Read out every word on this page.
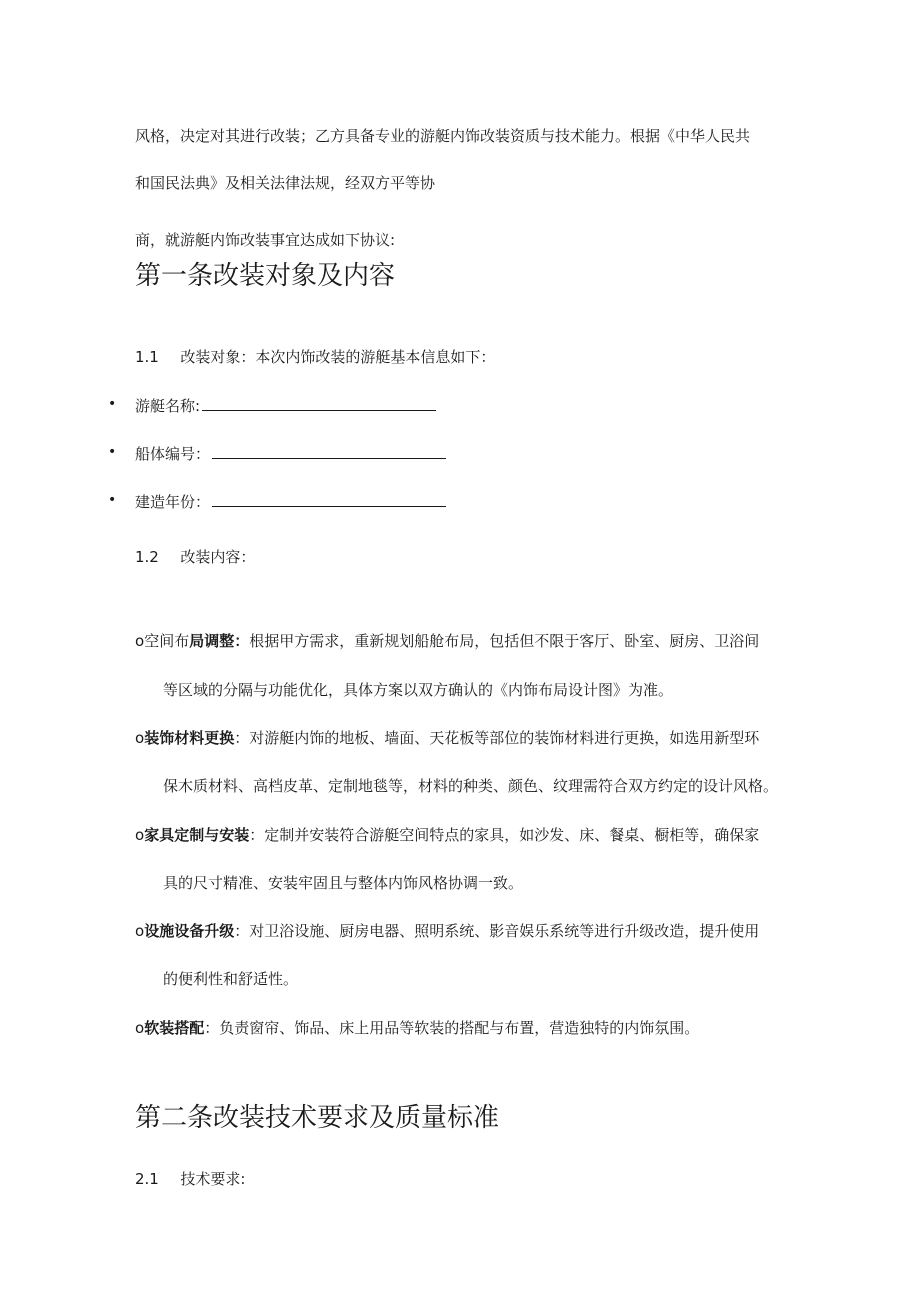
风格，决定对其进行改装；乙方具备专业的游艇内饰改装资质与技术能力。根据《中华人民共
和国民法典》及相关法律法规，经双方平等协
商，就游艇内饰改装事宜达成如下协议:
第一条改装对象及内容
1.1 改装对象：本次内饰改装的游艇基本信息如下：
• 游艇名称:
• 船体编号：
• 建造年份：
1.2 改装内容：
o空间布局调整：根据甲方需求，重新规划船舱布局，包括但不限于客厅、卧室、厨房、卫浴间
等区域的分隔与功能优化，具体方案以双方确认的《内饰布局设计图》为准。
o装饰材料更换：对游艇内饰的地板、墙面、天花板等部位的装饰材料进行更换，如选用新型环
保木质材料、高档皮革、定制地毯等，材料的种类、颜色、纹理需符合双方约定的设计风格。
o家具定制与安装：定制并安装符合游艇空间特点的家具，如沙发、床、餐桌、橱柜等，确保家
具的尺寸精准、安装牢固且与整体内饰风格协调一致。
o设施设备升级：对卫浴设施、厨房电器、照明系统、影音娱乐系统等进行升级改造，提升使用
的便利性和舒适性。
o软装搭配：负责窗帘、饰品、床上用品等软装的搭配与布置，营造独特的内饰氛围。
第二条改装技术要求及质量标准
2.1 技术要求:
